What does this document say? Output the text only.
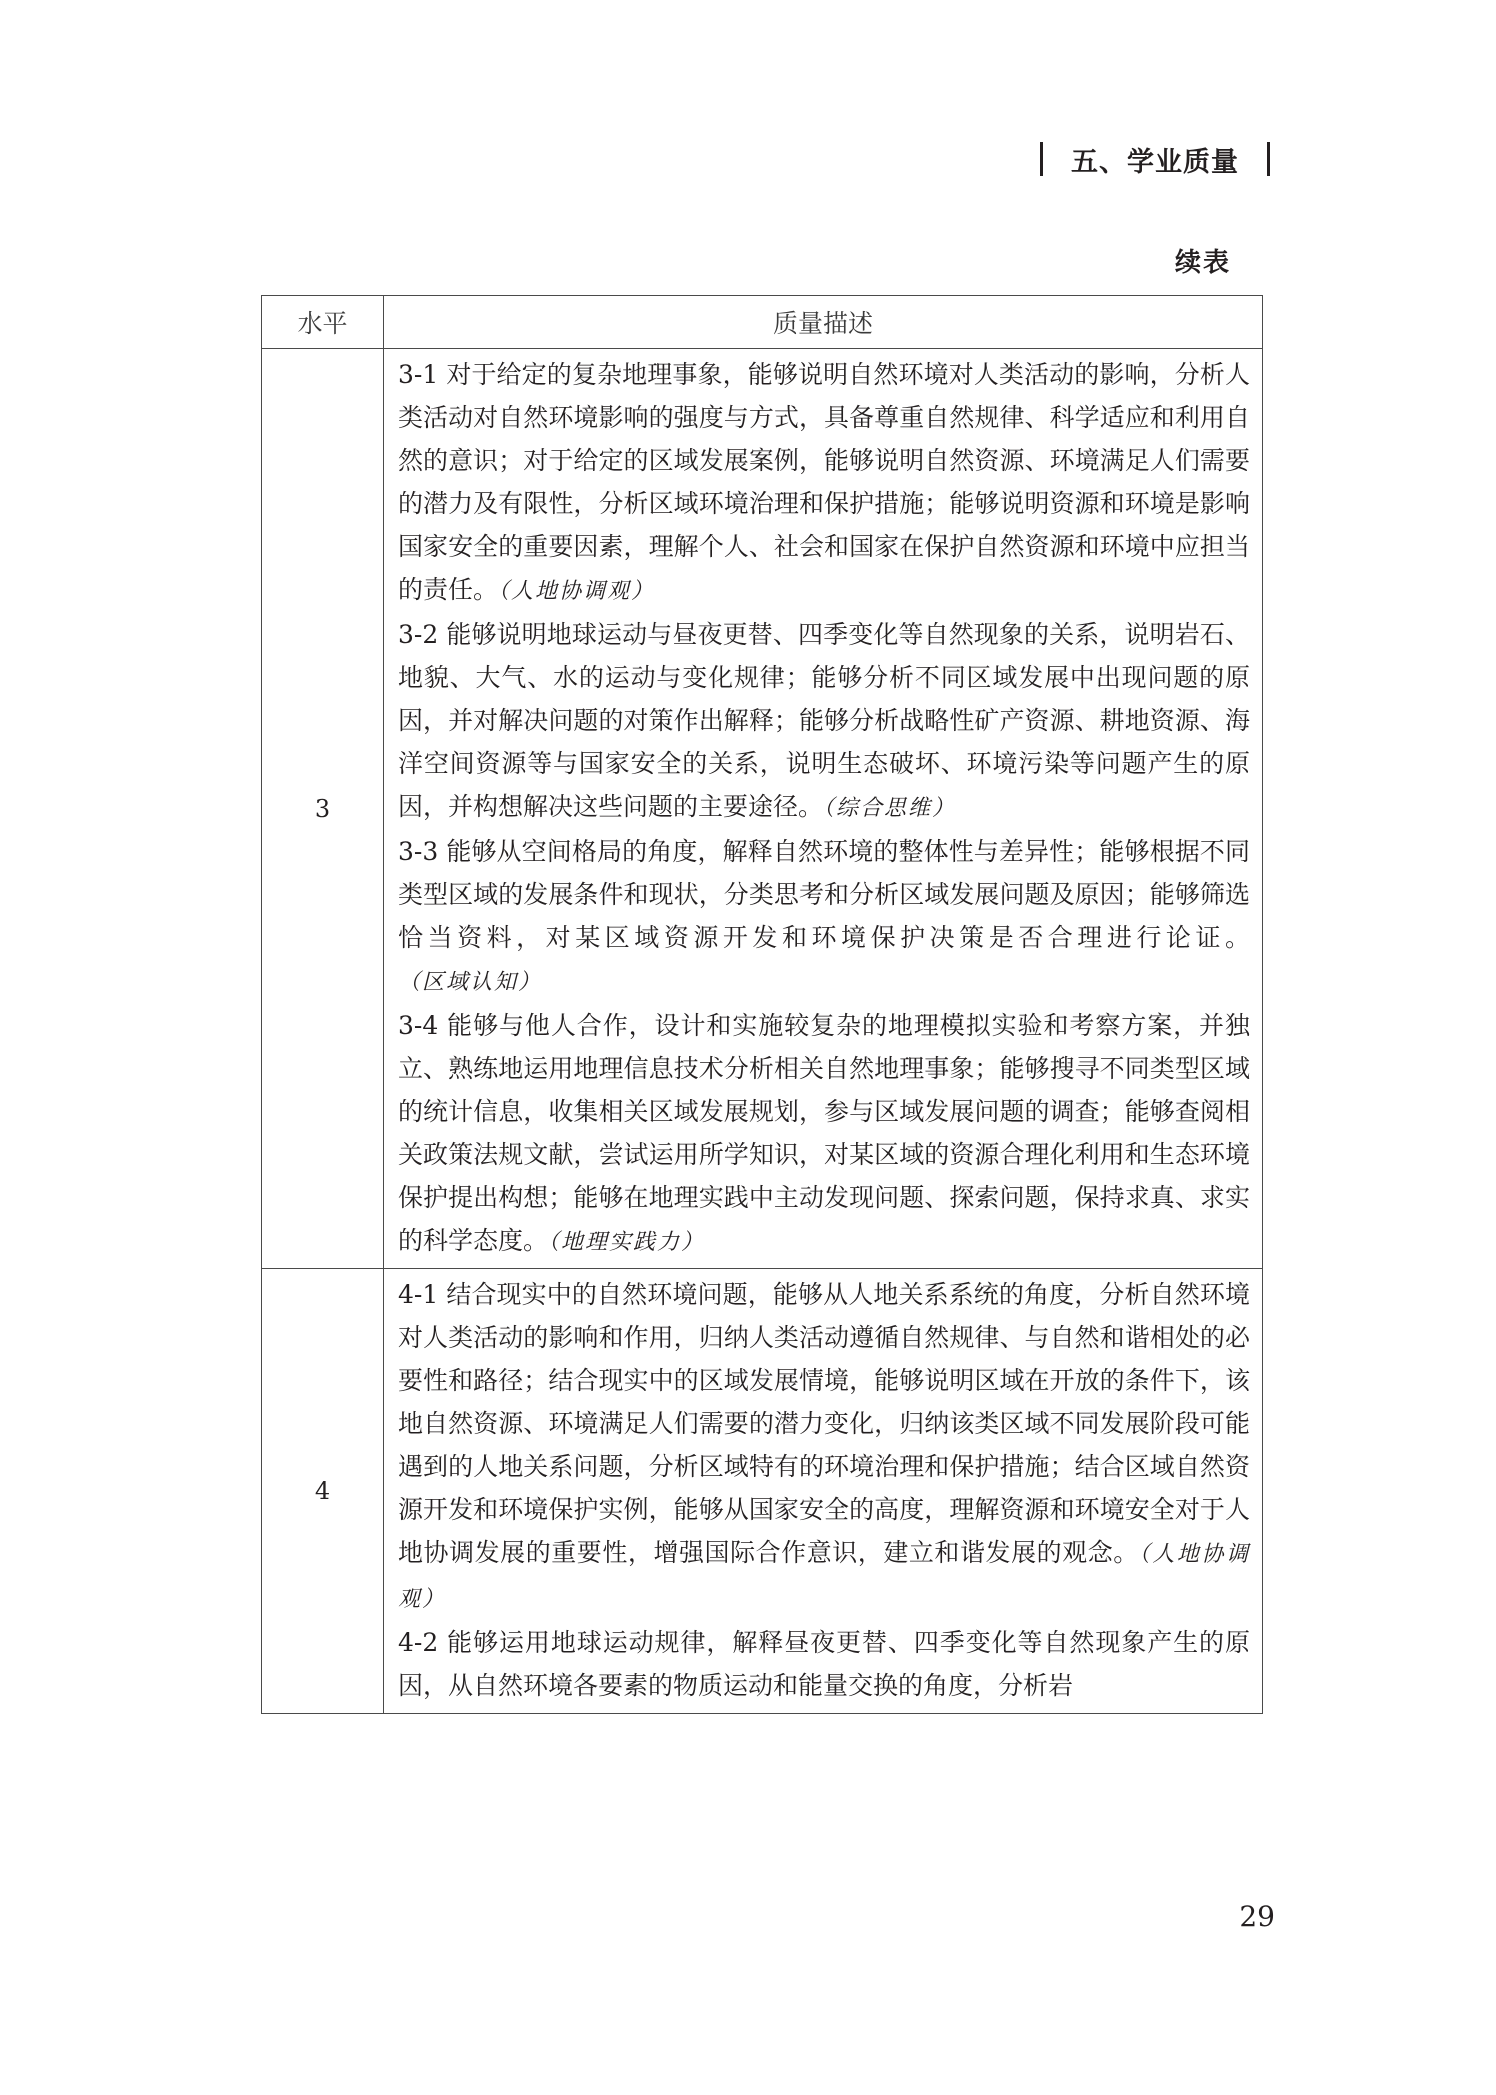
五、学业质量
续表
水平	质量描述
3	3-1 对于给定的复杂地理事象，能够说明自然环境对人类活动的影响，分析人类活动对自然环境影响的强度与方式，具备尊重自然规律、科学适应和利用自然的意识；对于给定的区域发展案例，能够说明自然资源、环境满足人们需要的潜力及有限性，分析区域环境治理和保护措施；能够说明资源和环境是影响国家安全的重要因素，理解个人、社会和国家在保护自然资源和环境中应担当的责任。（人地协调观）

3-2 能够说明地球运动与昼夜更替、四季变化等自然现象的关系，说明岩石、地貌、大气、水的运动与变化规律；能够分析不同区域发展中出现问题的原因，并对解决问题的对策作出解释；能够分析战略性矿产资源、耕地资源、海洋空间资源等与国家安全的关系，说明生态破坏、环境污染等问题产生的原因，并构想解决这些问题的主要途径。（综合思维）

3-3 能够从空间格局的角度，解释自然环境的整体性与差异性；能够根据不同类型区域的发展条件和现状，分类思考和分析区域发展问题及原因；能够筛选恰当资料，对某区域资源开发和环境保护决策是否合理进行论证。（区域认知）

3-4 能够与他人合作，设计和实施较复杂的地理模拟实验和考察方案，并独立、熟练地运用地理信息技术分析相关自然地理事象；能够搜寻不同类型区域的统计信息，收集相关区域发展规划，参与区域发展问题的调查；能够查阅相关政策法规文献，尝试运用所学知识，对某区域的资源合理化利用和生态环境保护提出构想；能够在地理实践中主动发现问题、探索问题，保持求真、求实的科学态度。（地理实践力）

4	4-1 结合现实中的自然环境问题，能够从人地关系系统的角度，分析自然环境对人类活动的影响和作用，归纳人类活动遵循自然规律、与自然和谐相处的必要性和路径；结合现实中的区域发展情境，能够说明区域在开放的条件下，该地自然资源、环境满足人们需要的潜力变化，归纳该类区域不同发展阶段可能遇到的人地关系问题，分析区域特有的环境治理和保护措施；结合区域自然资源开发和环境保护实例，能够从国家安全的高度，理解资源和环境安全对于人地协调发展的重要性，增强国际合作意识，建立和谐发展的观念。（人地协调观）

4-2 能够运用地球运动规律，解释昼夜更替、四季变化等自然现象产生的原因，从自然环境各要素的物质运动和能量交换的角度，分析岩

29
